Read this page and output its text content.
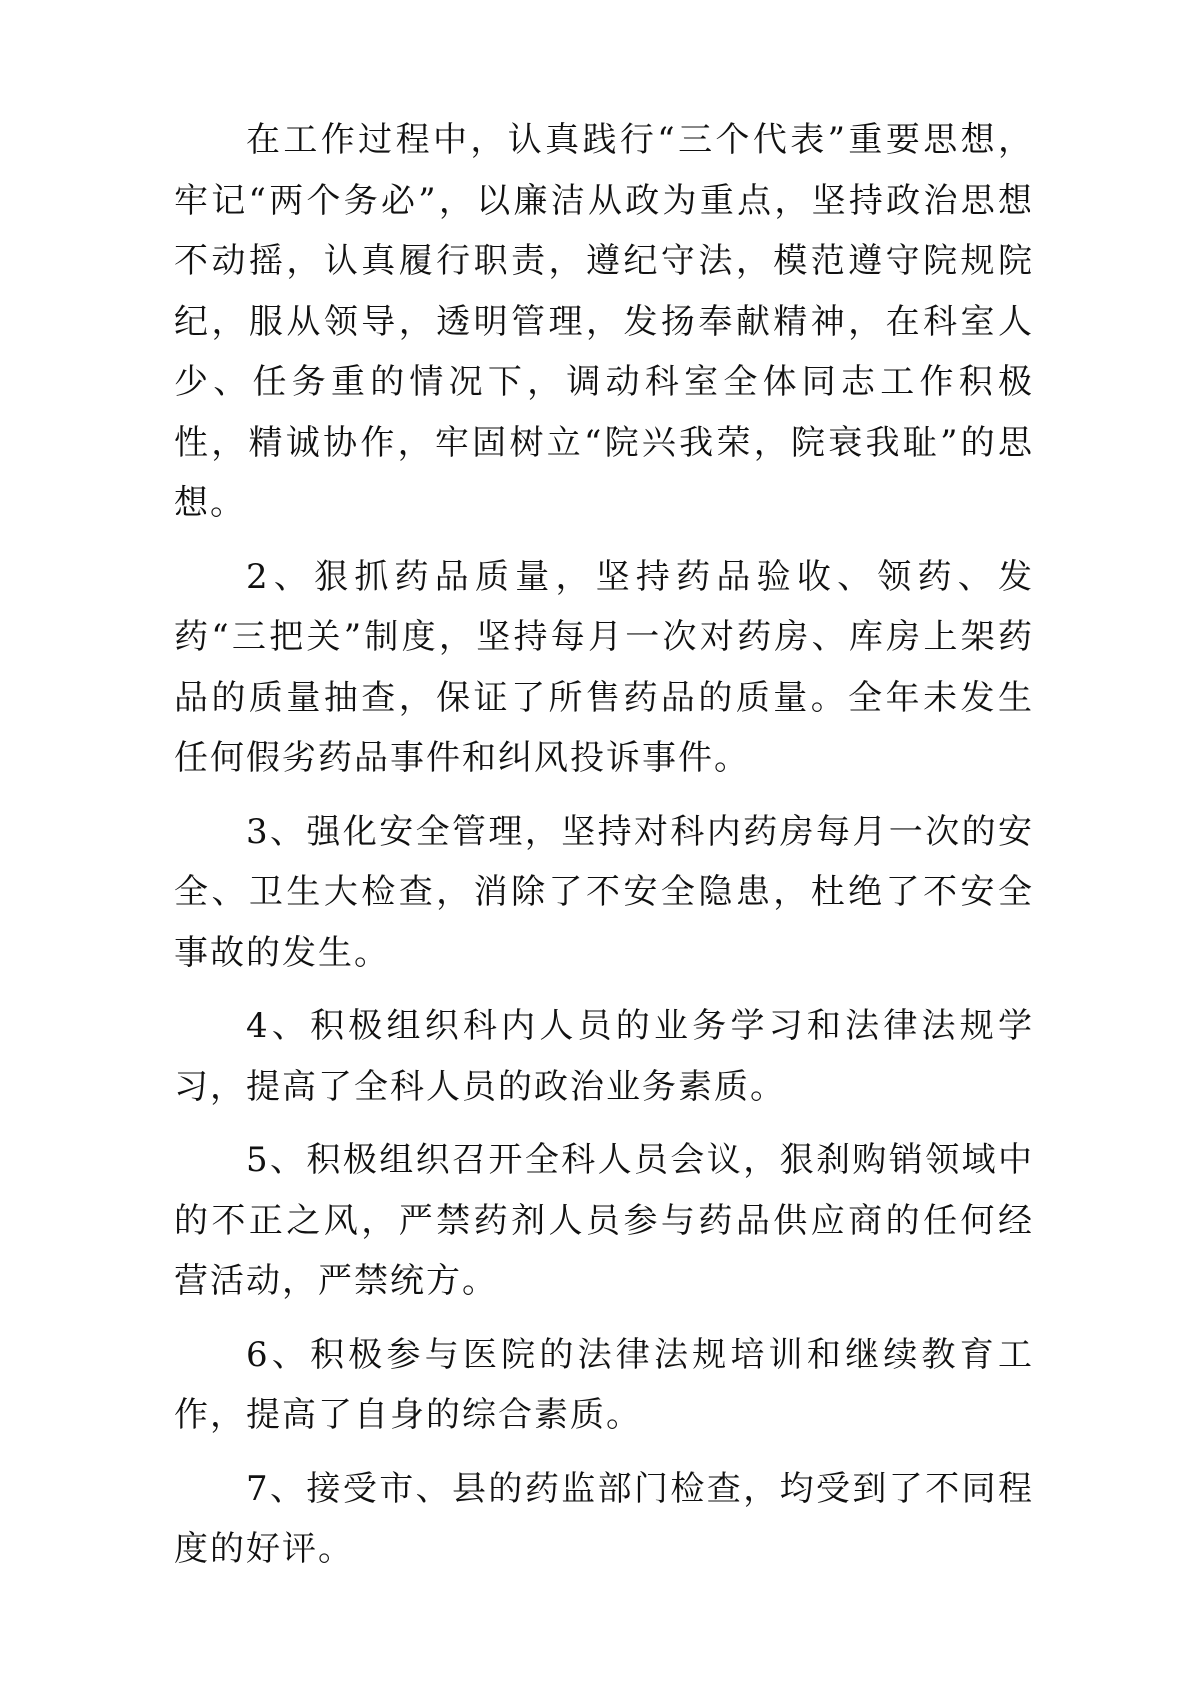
在工作过程中，认真践行“三个代表”重要思想，牢记“两个务必”，以廉洁从政为重点，坚持政治思想不动摇，认真履行职责，遵纪守法，模范遵守院规院纪，服从领导，透明管理，发扬奉献精神，在科室人少、任务重的情况下，调动科室全体同志工作积极性，精诚协作，牢固树立“院兴我荣，院衰我耻”的思想。

2、狠抓药品质量，坚持药品验收、领药、发药“三把关”制度，坚持每月一次对药房、库房上架药品的质量抽查，保证了所售药品的质量。全年未发生任何假劣药品事件和纠风投诉事件。

3、强化安全管理，坚持对科内药房每月一次的安全、卫生大检查，消除了不安全隐患，杜绝了不安全事故的发生。

4、积极组织科内人员的业务学习和法律法规学习，提高了全科人员的政治业务素质。

5、积极组织召开全科人员会议，狠刹购销领域中的不正之风，严禁药剂人员参与药品供应商的任何经营活动，严禁统方。

6、积极参与医院的法律法规培训和继续教育工作，提高了自身的综合素质。

7、接受市、县的药监部门检查，均受到了不同程度的好评。
